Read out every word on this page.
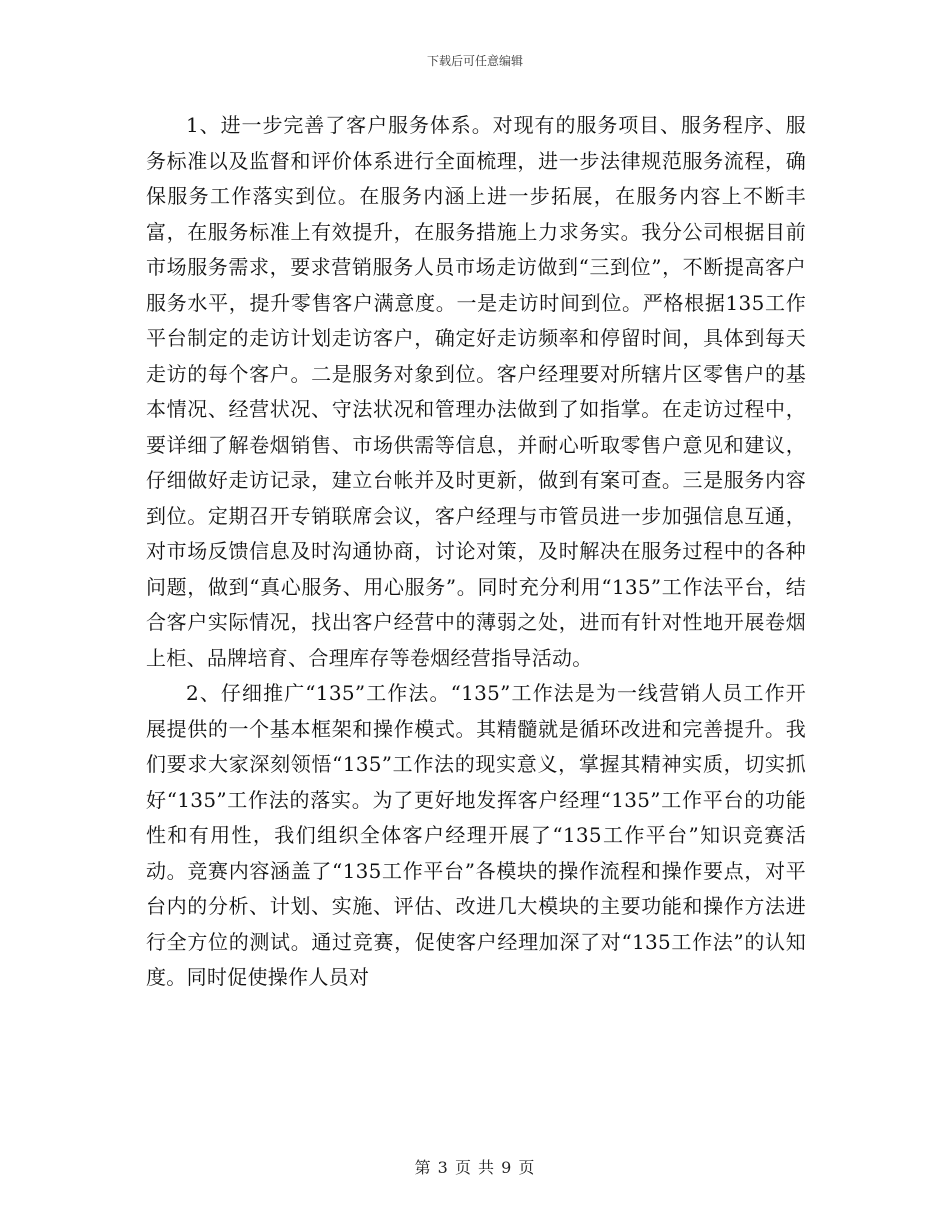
下载后可任意编辑

1、进一步完善了客户服务体系。对现有的服务项目、服务程序、服务标准以及监督和评价体系进行全面梳理，进一步法律规范服务流程，确保服务工作落实到位。在服务内涵上进一步拓展，在服务内容上不断丰富，在服务标准上有效提升，在服务措施上力求务实。我分公司根据目前市场服务需求，要求营销服务人员市场走访做到“三到位”，不断提高客户服务水平，提升零售客户满意度。一是走访时间到位。严格根据135工作平台制定的走访计划走访客户，确定好走访频率和停留时间，具体到每天走访的每个客户。二是服务对象到位。客户经理要对所辖片区零售户的基本情况、经营状况、守法状况和管理办法做到了如指掌。在走访过程中，要详细了解卷烟销售、市场供需等信息，并耐心听取零售户意见和建议，仔细做好走访记录，建立台帐并及时更新，做到有案可查。三是服务内容到位。定期召开专销联席会议，客户经理与市管员进一步加强信息互通，对市场反馈信息及时沟通协商，讨论对策，及时解决在服务过程中的各种问题，做到“真心服务、用心服务”。同时充分利用“135”工作法平台，结合客户实际情况，找出客户经营中的薄弱之处，进而有针对性地开展卷烟上柜、品牌培育、合理库存等卷烟经营指导活动。

2、仔细推广“135”工作法。“135”工作法是为一线营销人员工作开展提供的一个基本框架和操作模式。其精髓就是循环改进和完善提升。我们要求大家深刻领悟“135”工作法的现实意义，掌握其精神实质，切实抓好“135”工作法的落实。为了更好地发挥客户经理“135”工作平台的功能性和有用性，我们组织全体客户经理开展了“135工作平台”知识竞赛活动。竞赛内容涵盖了“135工作平台”各模块的操作流程和操作要点，对平台内的分析、计划、实施、评估、改进几大模块的主要功能和操作方法进行全方位的测试。通过竞赛，促使客户经理加深了对“135工作法”的认知度。同时促使操作人员对

第 3 页 共 9 页
